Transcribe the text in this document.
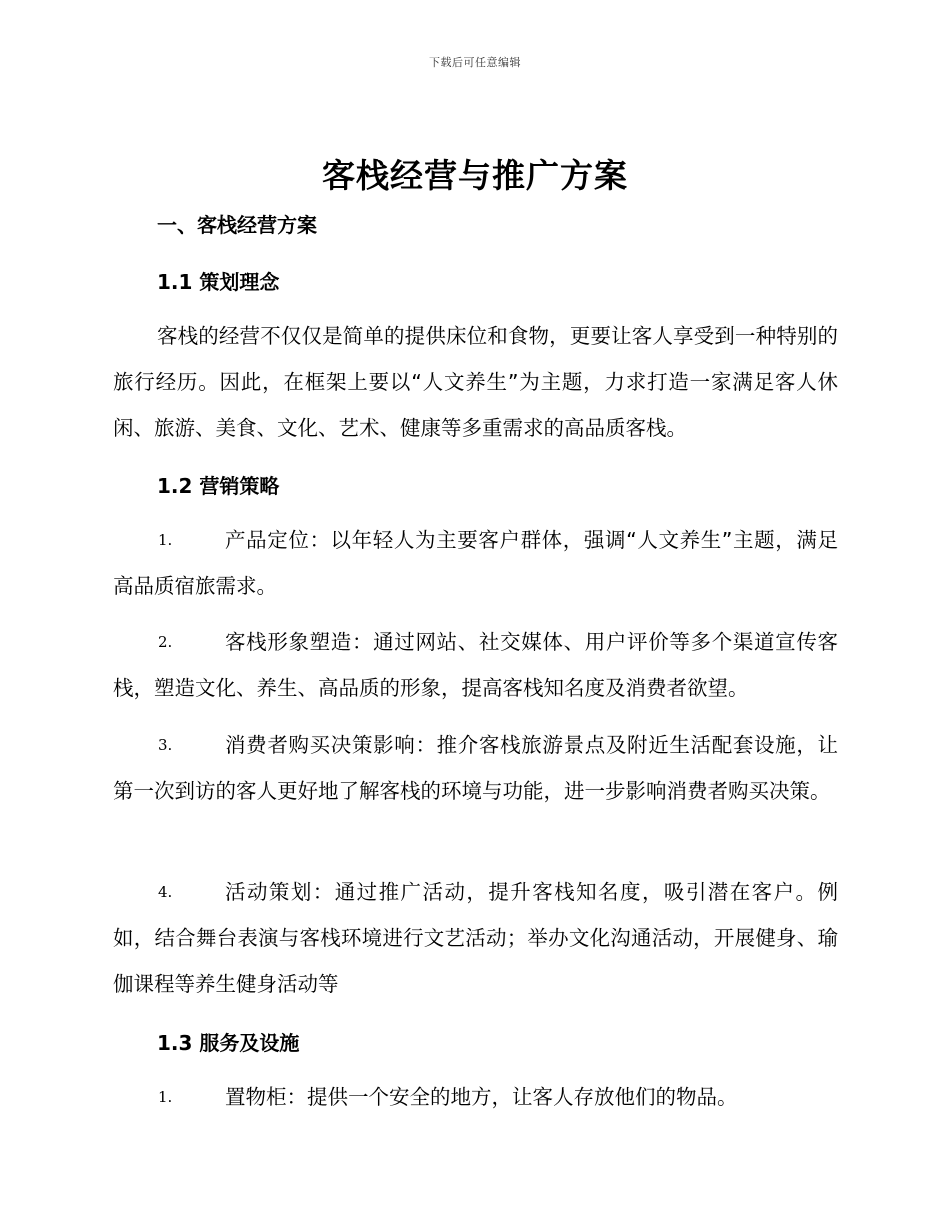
下载后可任意编辑
客栈经营与推广方案
一、客栈经营方案
1.1 策划理念
客栈的经营不仅仅是简单的提供床位和食物，更要让客人享受到一种特别的旅行经历。因此，在框架上要以“人文养生”为主题，力求打造一家满足客人休闲、旅游、美食、文化、艺术、健康等多重需求的高品质客栈。
1.2 营销策略
1.	产品定位：以年轻人为主要客户群体，强调“人文养生”主题，满足高品质宿旅需求。
2.	客栈形象塑造：通过网站、社交媒体、用户评价等多个渠道宣传客栈，塑造文化、养生、高品质的形象，提高客栈知名度及消费者欲望。
3.	消费者购买决策影响：推介客栈旅游景点及附近生活配套设施，让第一次到访的客人更好地了解客栈的环境与功能，进一步影响消费者购买决策。
4.	活动策划：通过推广活动，提升客栈知名度，吸引潜在客户。例如，结合舞台表演与客栈环境进行文艺活动；举办文化沟通活动，开展健身、瑜伽课程等养生健身活动等
1.3 服务及设施
1.	置物柜：提供一个安全的地方，让客人存放他们的物品。
